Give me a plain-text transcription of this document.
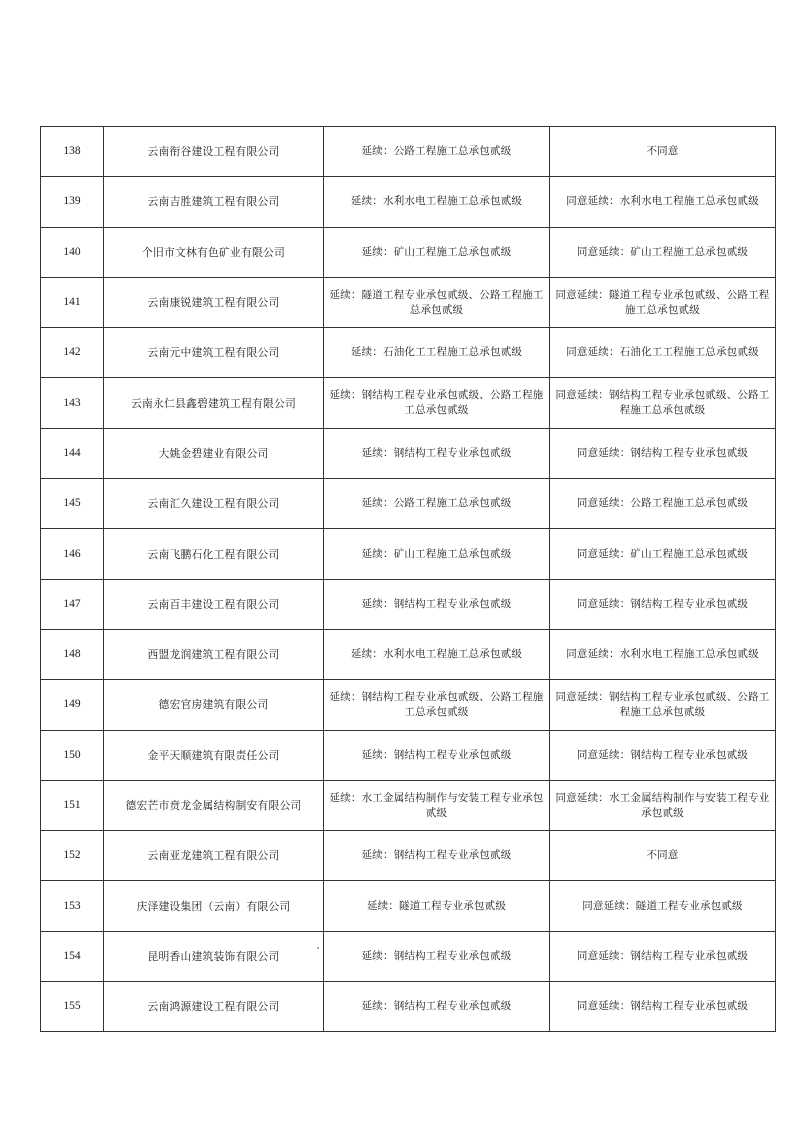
138	云南衔谷建设工程有限公司	延续：公路工程施工总承包贰级	不同意
139	云南吉胜建筑工程有限公司	延续：水利水电工程施工总承包贰级	同意延续：水利水电工程施工总承包贰级
140	个旧市文林有色矿业有限公司	延续：矿山工程施工总承包贰级	同意延续：矿山工程施工总承包贰级
141	云南康锐建筑工程有限公司	延续：隧道工程专业承包贰级、公路工程施工总承包贰级	同意延续：隧道工程专业承包贰级、公路工程施工总承包贰级
142	云南元中建筑工程有限公司	延续：石油化工工程施工总承包贰级	同意延续：石油化工工程施工总承包贰级
143	云南永仁县鑫碧建筑工程有限公司	延续：钢结构工程专业承包贰级、公路工程施工总承包贰级	同意延续：钢结构工程专业承包贰级、公路工程施工总承包贰级
144	大姚金碧建业有限公司	延续：钢结构工程专业承包贰级	同意延续：钢结构工程专业承包贰级
145	云南汇久建设工程有限公司	延续：公路工程施工总承包贰级	同意延续：公路工程施工总承包贰级
146	云南飞鹏石化工程有限公司	延续：矿山工程施工总承包贰级	同意延续：矿山工程施工总承包贰级
147	云南百丰建设工程有限公司	延续：钢结构工程专业承包贰级	同意延续：钢结构工程专业承包贰级
148	西盟龙润建筑工程有限公司	延续：水利水电工程施工总承包贰级	同意延续：水利水电工程施工总承包贰级
149	德宏官房建筑有限公司	延续：钢结构工程专业承包贰级、公路工程施工总承包贰级	同意延续：钢结构工程专业承包贰级、公路工程施工总承包贰级
150	金平天顺建筑有限责任公司	延续：钢结构工程专业承包贰级	同意延续：钢结构工程专业承包贰级
151	德宏芒市贲龙金属结构制安有限公司	延续：水工金属结构制作与安装工程专业承包贰级	同意延续：水工金属结构制作与安装工程专业承包贰级
152	云南亚龙建筑工程有限公司	延续：钢结构工程专业承包贰级	不同意
153	庆泽建设集团（云南）有限公司	延续：隧道工程专业承包贰级	同意延续：隧道工程专业承包贰级
154	昆明香山建筑装饰有限公司	延续：钢结构工程专业承包贰级	同意延续：钢结构工程专业承包贰级
155	云南鸿源建设工程有限公司	延续：钢结构工程专业承包贰级	同意延续：钢结构工程专业承包贰级
